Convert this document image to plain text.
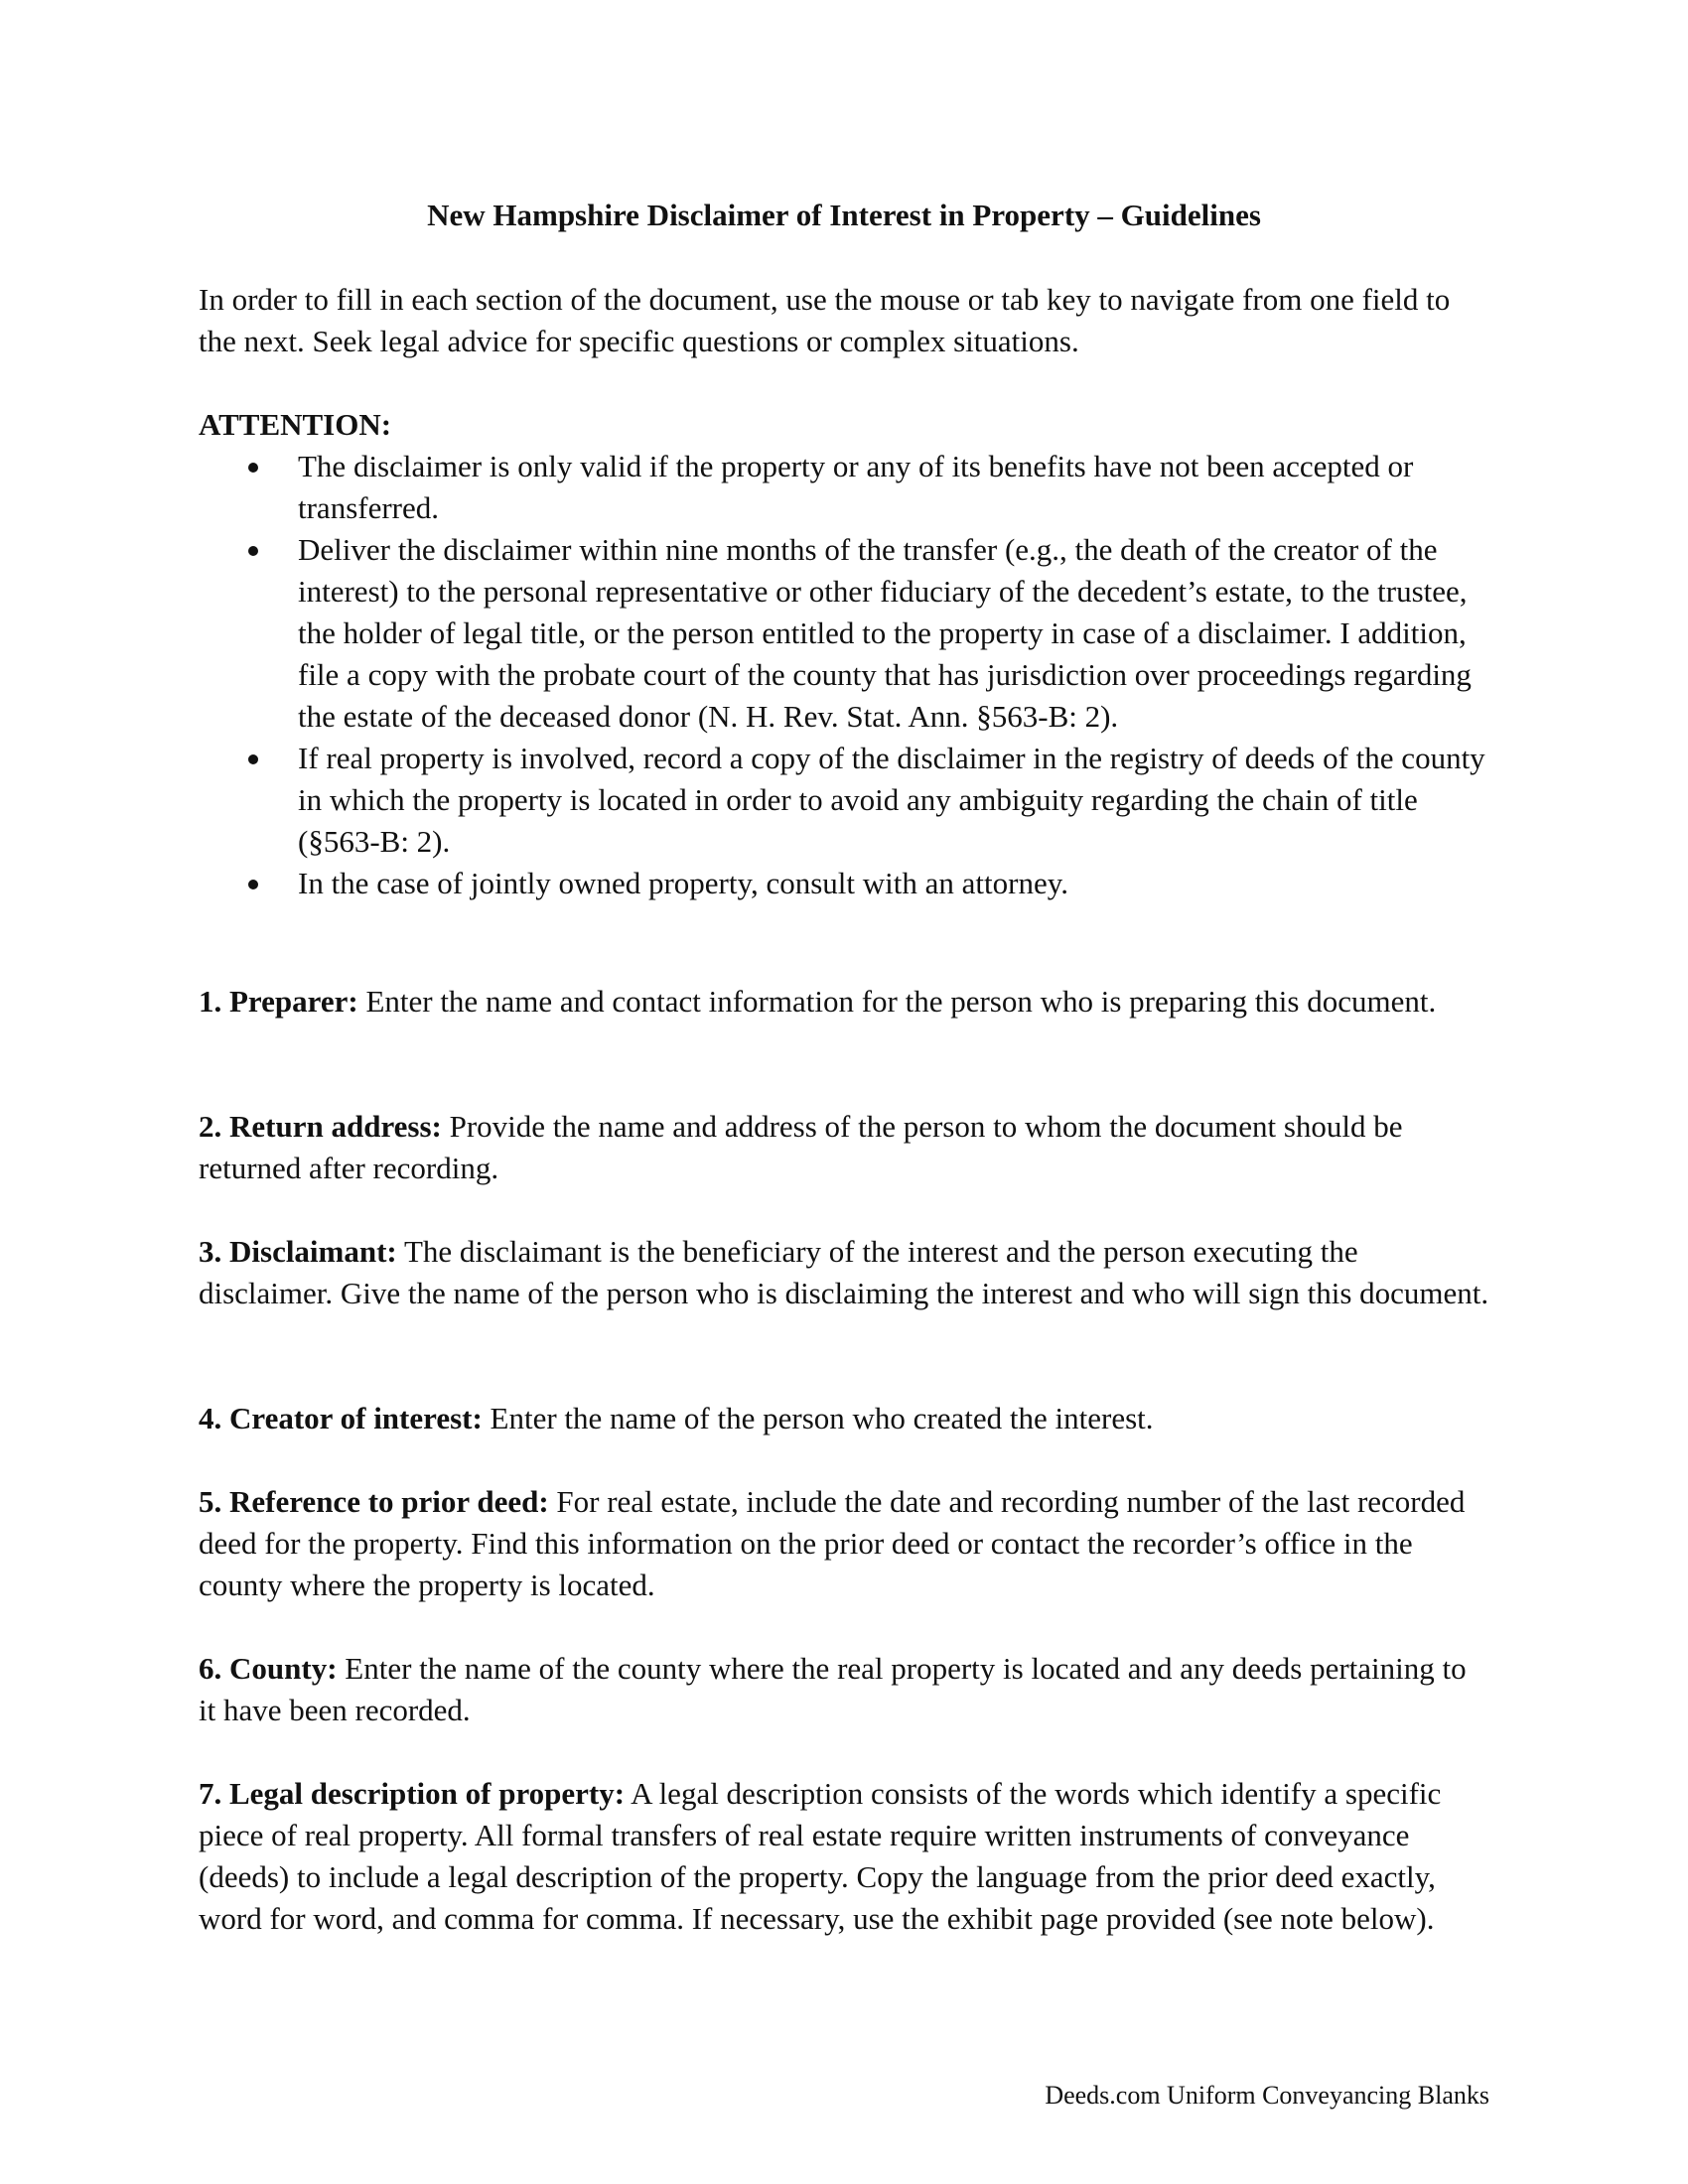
New Hampshire Disclaimer of Interest in Property – Guidelines

In order to fill in each section of the document, use the mouse or tab key to navigate from one field to the next. Seek legal advice for specific questions or complex situations.

ATTENTION:

The disclaimer is only valid if the property or any of its benefits have not been accepted or transferred.
Deliver the disclaimer within nine months of the transfer (e.g., the death of the creator of the interest) to the personal representative or other fiduciary of the decedent’s estate, to the trustee, the holder of legal title, or the person entitled to the property in case of a disclaimer. I addition, file a copy with the probate court of the county that has jurisdiction over proceedings regarding the estate of the deceased donor (N. H. Rev. Stat. Ann. §563-B: 2).
If real property is involved, record a copy of the disclaimer in the registry of deeds of the county in which the property is located in order to avoid any ambiguity regarding the chain of title (§563-B: 2).
In the case of jointly owned property, consult with an attorney.

1. Preparer: Enter the name and contact information for the person who is preparing this document.

2. Return address: Provide the name and address of the person to whom the document should be returned after recording.

3. Disclaimant: The disclaimant is the beneficiary of the interest and the person executing the disclaimer. Give the name of the person who is disclaiming the interest and who will sign this document.

4. Creator of interest: Enter the name of the person who created the interest.

5. Reference to prior deed: For real estate, include the date and recording number of the last recorded deed for the property. Find this information on the prior deed or contact the recorder’s office in the county where the property is located.

6. County: Enter the name of the county where the real property is located and any deeds pertaining to it have been recorded.

7. Legal description of property: A legal description consists of the words which identify a specific piece of real property. All formal transfers of real estate require written instruments of conveyance (deeds) to include a legal description of the property. Copy the language from the prior deed exactly, word for word, and comma for comma. If necessary, use the exhibit page provided (see note below).

Deeds.com Uniform Conveyancing Blanks
